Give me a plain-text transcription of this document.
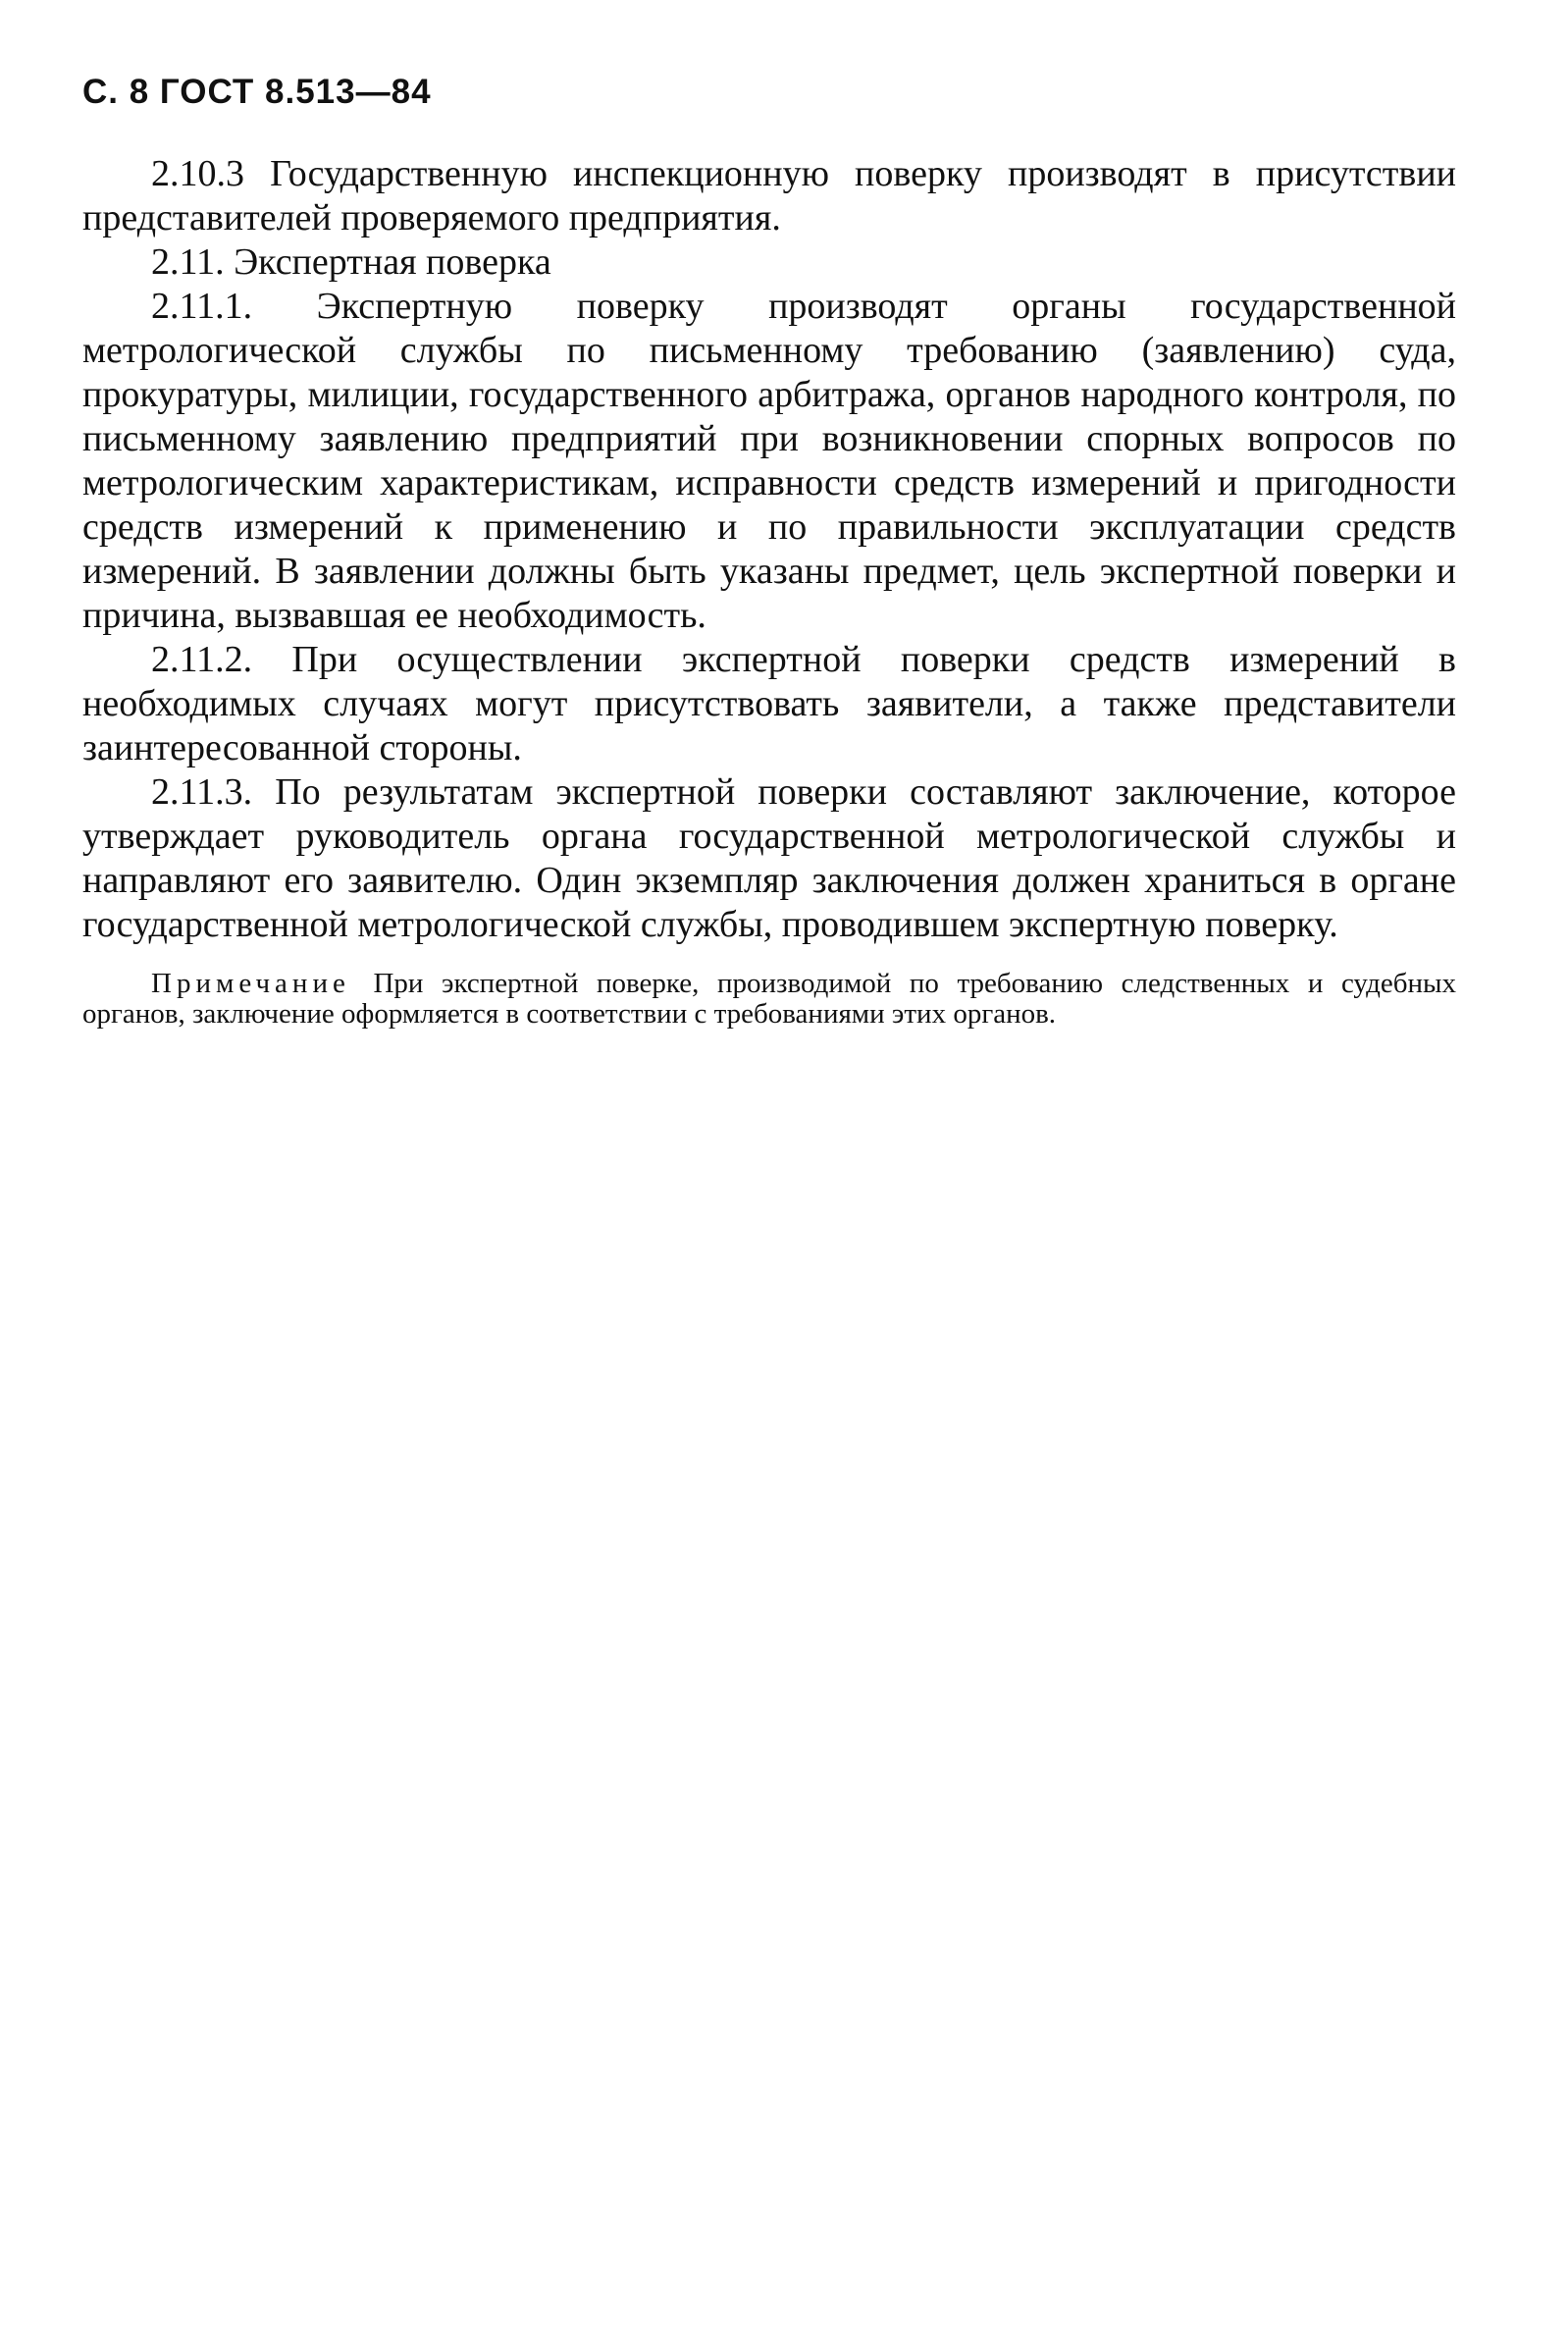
С. 8 ГОСТ 8.513—84

2.10.3 Государственную инспекционную поверку производят в присутствии представителей проверяемого предприятия.

2.11. Экспертная поверка

2.11.1. Экспертную поверку производят органы государственной метрологической службы по письменному требованию (заявлению) суда, прокуратуры, милиции, государственного арбитража, органов народного контроля, по письменному заявлению предприятий при возникновении спорных вопросов по метрологическим характеристикам, исправности средств измерений и пригодности средств измерений к применению и по правильности эксплуатации средств измерений. В заявлении должны быть указаны предмет, цель экспертной поверки и причина, вызвавшая ее необходимость.

2.11.2. При осуществлении экспертной поверки средств измерений в необходимых случаях могут присутствовать заявители, а также представители заинтересованной стороны.

2.11.3. По результатам экспертной поверки составляют заключение, которое утверждает руководитель органа государственной метрологической службы и направляют его заявителю. Один экземпляр заключения должен храниться в органе государственной метрологической службы, проводившем экспертную поверку.

Примечание При экспертной поверке, производимой по требованию следственных и судебных органов, заключение оформляется в соответствии с требованиями этих органов.
